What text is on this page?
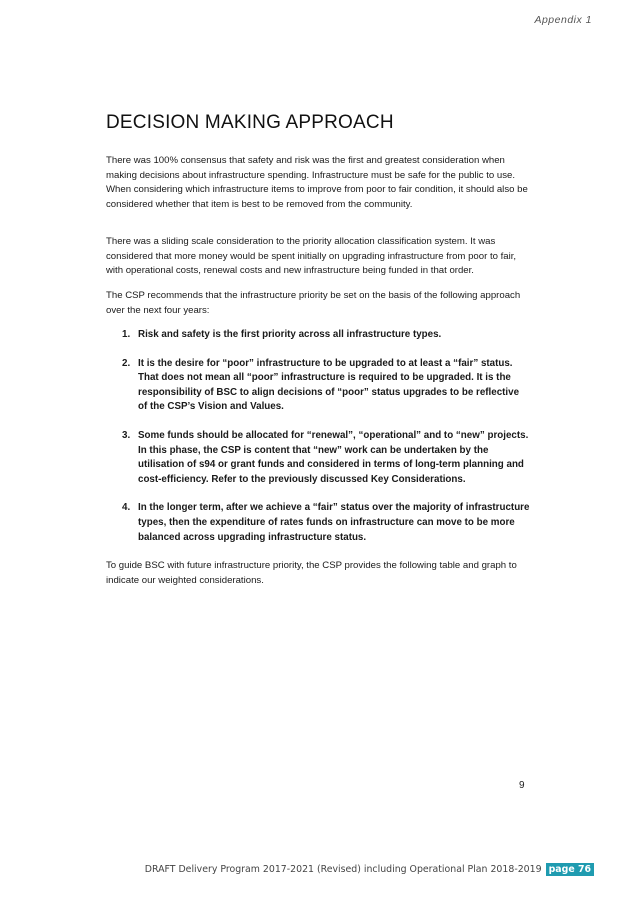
Appendix 1
DECISION MAKING APPROACH

There was 100% consensus that safety and risk was the first and greatest consideration when making decisions about infrastructure spending. Infrastructure must be safe for the public to use. When considering which infrastructure items to improve from poor to fair condition, it should also be considered whether that item is best to be removed from the community.

There was a sliding scale consideration to the priority allocation classification system. It was considered that more money would be spent initially on upgrading infrastructure from poor to fair, with operational costs, renewal costs and new infrastructure being funded in that order.

The CSP recommends that the infrastructure priority be set on the basis of the following approach over the next four years:

1. Risk and safety is the first priority across all infrastructure types.
2. It is the desire for “poor” infrastructure to be upgraded to at least a “fair” status. That does not mean all “poor” infrastructure is required to be upgraded. It is the responsibility of BSC to align decisions of “poor” status upgrades to be reflective of the CSP’s Vision and Values.
3. Some funds should be allocated for “renewal”, “operational” and to “new” projects. In this phase, the CSP is content that “new” work can be undertaken by the utilisation of s94 or grant funds and considered in terms of long-term planning and cost-efficiency. Refer to the previously discussed Key Considerations.
4. In the longer term, after we achieve a “fair” status over the majority of infrastructure types, then the expenditure of rates funds on infrastructure can move to be more balanced across upgrading infrastructure status.

To guide BSC with future infrastructure priority, the CSP provides the following table and graph to indicate our weighted considerations.

9
DRAFT Delivery Program 2017-2021 (Revised) including Operational Plan 2018-2019 page 76
